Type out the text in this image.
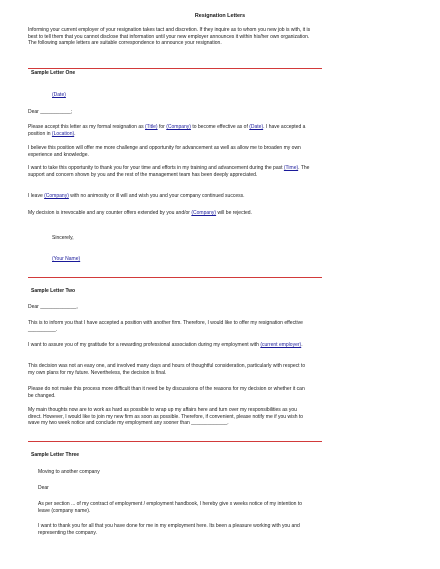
Resignation Letters

Informing your current employer of your resignation takes tact and discretion. If they inquire as to whom you new job is with, it is best to tell them that you cannot disclose that information until your new employer announces it within his/her own organization. The following sample letters are suitable correspondence to announce your resignation.

Sample Letter One

(Date)

Dear ___________;

Please accept this letter as my formal resignation as (Title) for (Company) to become effective as of (Date). I have accepted a position in (Location).

I believe this position will offer me more challenge and opportunity for advancement as well as allow me to broaden my own experience and knowledge.

I want to take this opportunity to thank you for your time and efforts in my training and advancement during the past (Time). The support and concern shown by you and the rest of the management team has been deeply appreciated.

I leave (Company) with no animosity or ill will and wish you and your company continued success.

My decision is irrevocable and any counter offers extended by you and/or (Company) will be rejected.

Sincerely,

(Your Name)

Sample Letter Two

Dear _____________,

This is to inform you that I have accepted a position with another firm. Therefore, I would like to offer my resignation effective __________.

I want to assure you of my gratitude for a rewarding professional association during my employment with (current employer).

This decision was not an easy one, and involved many days and hours of thoughtful consideration, particularly with respect to my own plans for my future. Nevertheless, the decision is final.

Please do not make this process more difficult than it need be by discussions of the reasons for my decision or whether it can be changed.

My main thoughts now are to work as hard as possible to wrap up my affairs here and turn over my responsibilities as you direct. However, I would like to join my new firm as soon as possible. Therefore, if convenient, please notify me if you wish to wave my two week notice and conclude my employment any sooner than _____________.

Sample Letter Three

Moving to another company

Dear

As per section ... of my contract of employment / employment handbook, I hereby give x weeks notice of my intention to leave (company name).

I want to thank you for all that you have done for me in my employment here. Its been a pleasure working with you and representing the company.
